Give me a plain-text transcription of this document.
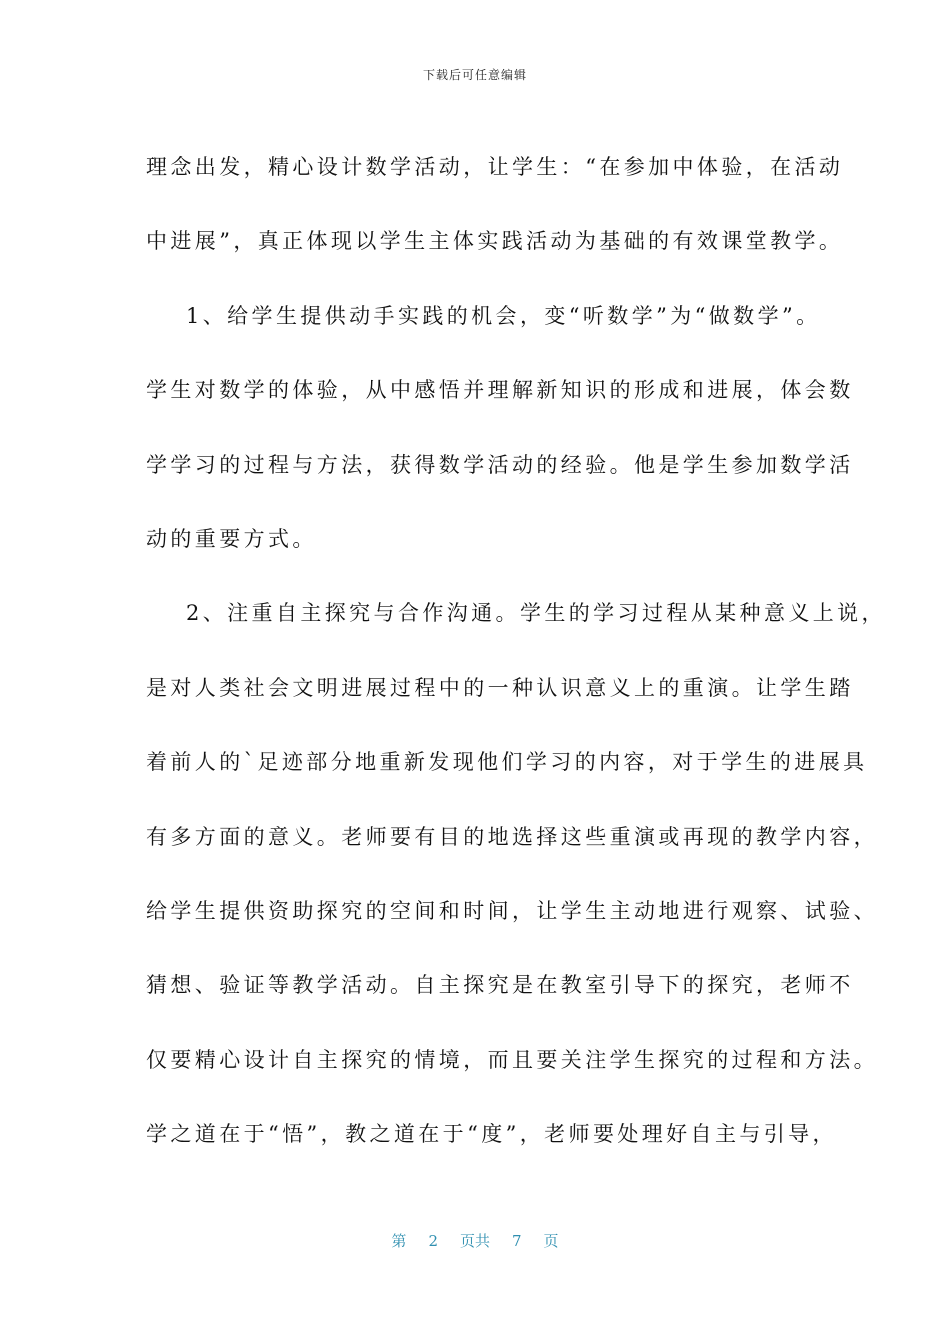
下载后可任意编辑
理念出发，精心设计数学活动，让学生：“在参加中体验，在活动
中进展”，真正体现以学生主体实践活动为基础的有效课堂教学。
1、给学生提供动手实践的机会，变“听数学”为“做数学”。
学生对数学的体验，从中感悟并理解新知识的形成和进展，体会数
学学习的过程与方法，获得数学活动的经验。他是学生参加数学活
动的重要方式。
2、注重自主探究与合作沟通。学生的学习过程从某种意义上说，
是对人类社会文明进展过程中的一种认识意义上的重演。让学生踏
着前人的`足迹部分地重新发现他们学习的内容，对于学生的进展具
有多方面的意义。老师要有目的地选择这些重演或再现的教学内容，
给学生提供资助探究的空间和时间，让学生主动地进行观察、试验、
猜想、验证等教学活动。自主探究是在教室引导下的探究，老师不
仅要精心设计自主探究的情境，而且要关注学生探究的过程和方法。
学之道在于“悟”，教之道在于“度”，老师要处理好自主与引导，
第 2 页共 7 页
